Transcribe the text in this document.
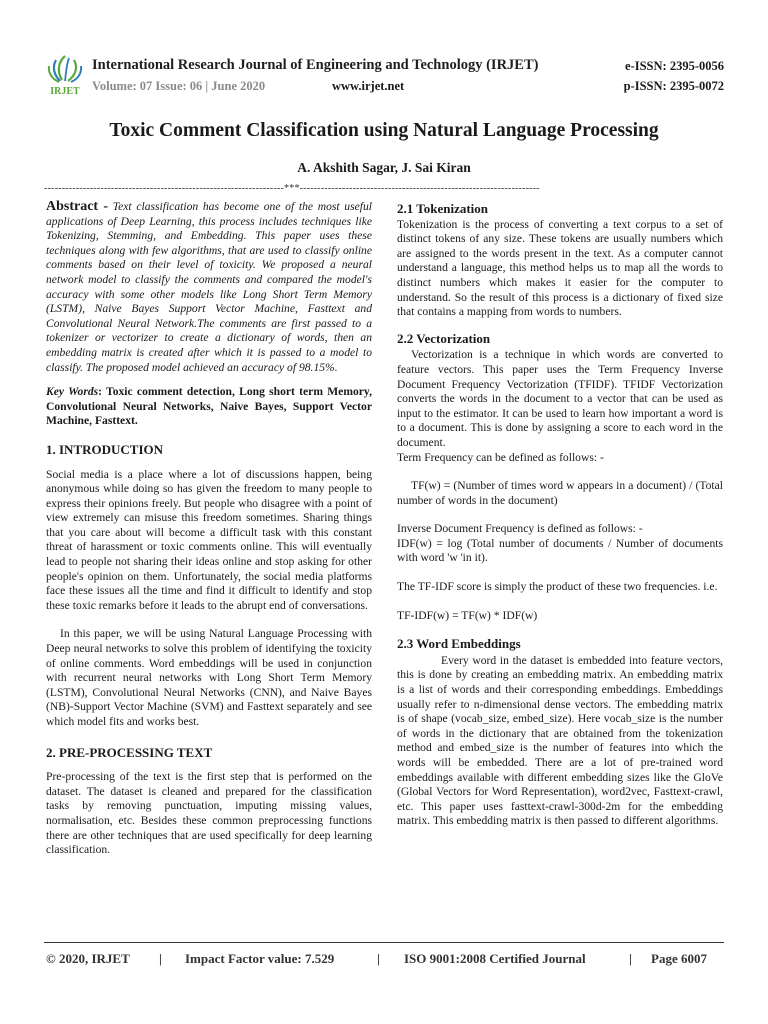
IRJET
International Research Journal of Engineering and Technology (IRJET)
Volume: 07 Issue: 06 | June 2020	www.irjet.net
e-ISSN: 2395-0056
p-ISSN: 2395-0072
Toxic Comment Classification using Natural Language Processing
A. Akshith Sagar, J. Sai Kiran
--------------------------------------------------------------------***--------------------------------------------------------------------

Abstract - Text classification has become one of the most useful applications of Deep Learning, this process includes techniques like Tokenizing, Stemming, and Embedding. This paper uses these techniques along with few algorithms, that are used to classify online comments based on their level of toxicity. We proposed a neural network model to classify the comments and compared the model's accuracy with some other models like Long Short Term Memory (LSTM), Naive Bayes Support Vector Machine, Fasttext and Convolutional Neural Network.The comments are first passed to a tokenizer or vectorizer to create a dictionary of words, then an embedding matrix is created after which it is passed to a model to classify. The proposed model achieved an accuracy of 98.15%.

Key Words: Toxic comment detection, Long short term Memory, Convolutional Neural Networks, Naive Bayes, Support Vector Machine, Fasttext.

1. INTRODUCTION

Social media is a place where a lot of discussions happen, being anonymous while doing so has given the freedom to many people to express their opinions freely. But people who disagree with a point of view extremely can misuse this freedom sometimes. Sharing things that you care about will become a difficult task with this constant threat of harassment or toxic comments online. This will eventually lead to people not sharing their ideas online and stop asking for other people's opinion on them. Unfortunately, the social media platforms face these issues all the time and find it difficult to identify and stop these toxic remarks before it leads to the abrupt end of conversations.

In this paper, we will be using Natural Language Processing with Deep neural networks to solve this problem of identifying the toxicity of online comments. Word embeddings will be used in conjunction with recurrent neural networks with Long Short Term Memory (LSTM), Convolutional Neural Networks (CNN), and Naive Bayes (NB)-Support Vector Machine (SVM) and Fasttext separately and see which model fits and works best.

2. PRE-PROCESSING TEXT

Pre-processing of the text is the first step that is performed on the dataset. The dataset is cleaned and prepared for the classification tasks by removing punctuation, imputing missing values, normalisation, etc. Besides these common preprocessing functions there are other techniques that are used specifically for deep learning classification.

2.1 Tokenization

Tokenization is the process of converting a text corpus to a set of distinct tokens of any size. These tokens are usually numbers which are assigned to the words present in the text. As a computer cannot understand a language, this method helps us to map all the words to distinct numbers which makes it easier for the computer to understand. So the result of this process is a dictionary of fixed size that contains a mapping from words to numbers.

2.2 Vectorization

Vectorization is a technique in which words are converted to feature vectors. This paper uses the Term Frequency Inverse Document Frequency Vectorization (TFIDF). TFIDF Vectorization converts the words in the document to a vector that can be used as input to the estimator. It can be used to learn how important a word is to a document. This is done by assigning a score to each word in the document.

Term Frequency can be defined as follows: -

TF(w) = (Number of times word w appears in a document) / (Total number of words in the document)

Inverse Document Frequency is defined as follows: -

IDF(w) = log (Total number of documents / Number of documents with word 'w 'in it).

The TF-IDF score is simply the product of these two frequencies. i.e.

TF-IDF(w) = TF(w) * IDF(w)

2.3 Word Embeddings

Every word in the dataset is embedded into feature vectors, this is done by creating an embedding matrix. An embedding matrix is a list of words and their corresponding embeddings. Embeddings usually refer to n-dimensional dense vectors. The embedding matrix is of shape (vocab_size, embed_size). Here vocab_size is the number of words in the dictionary that are obtained from the tokenization method and embed_size is the number of features into which the words will be embedded. There are a lot of pre-trained word embeddings available with different embedding sizes like the GloVe (Global Vectors for Word Representation), word2vec, Fasttext-crawl, etc. This paper uses fasttext-crawl-300d-2m for the embedding matrix. This embedding matrix is then passed to different algorithms.

© 2020, IRJET | Impact Factor value: 7.529	| ISO 9001:2008 Certified Journal	| Page 6007
